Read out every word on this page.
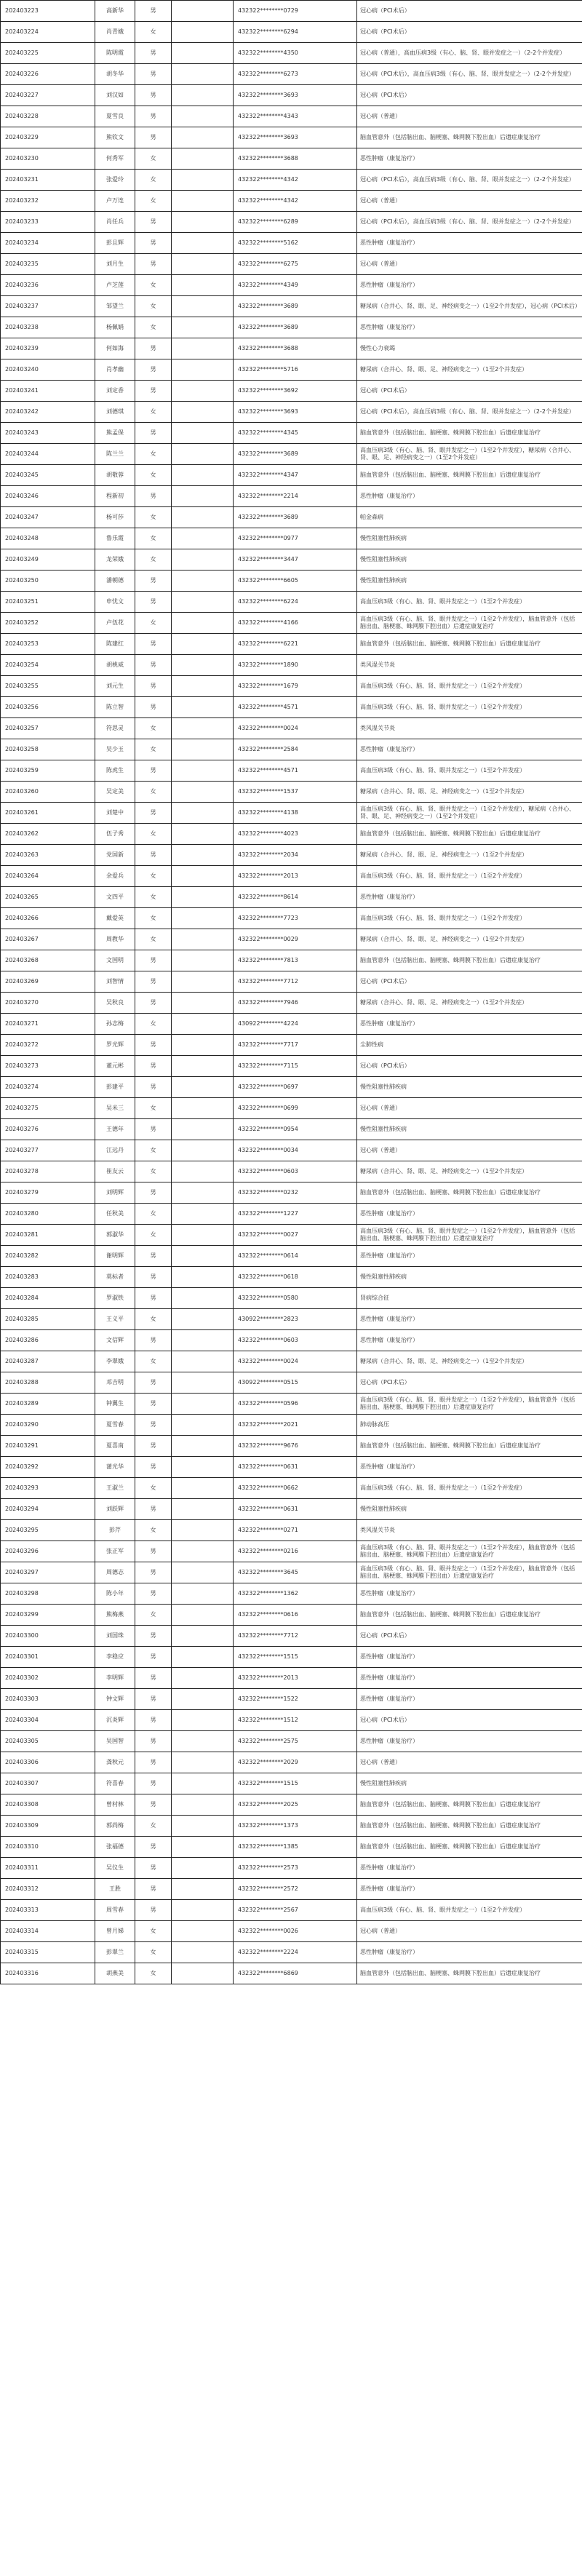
202403223	高新华	男		432322********0729	冠心病（PCI术后）
202403224	肖青娥	女		432322********6294	冠心病（PCI术后）
202403225	陈明霞	男		432322********4350	冠心病（普通），高血压病3级（有心、脑、肾、眼并发症之一）（2-2个并发症）
202403226	胡冬华	男		432322********6273	冠心病（PCI术后），高血压病3级（有心、脑、肾、眼并发症之一）（2-2个并发症）
202403227	刘汉如	男		432322********3693	冠心病（PCI术后）
202403228	夏雪良	男		432322********4343	冠心病（普通）
202403229	熊钦文	男		432322********3693	脑血管意外（包括脑出血、脑梗塞、蛛网膜下腔出血）后遗症康复治疗
202403230	何秀军	女		432322********3688	恶性肿瘤（康复治疗）
202403231	张爱玲	女		432322********4342	冠心病（PCI术后），高血压病3级（有心、脑、肾、眼并发症之一）（2-2个并发症）
202403232	卢万连	女		432322********4342	冠心病（普通）
202403233	肖任兵	男		432322********6289	冠心病（PCI术后），高血压病3级（有心、脑、肾、眼并发症之一）（2-2个并发症）
202403234	彭且辉	男		432322********5162	恶性肿瘤（康复治疗）
202403235	刘月生	男		432322********6275	冠心病（普通）
202403236	卢芝莲	女		432322********4349	恶性肿瘤（康复治疗）
202403237	邹望兰	女		432322********3689	糖尿病（合并心、肾、眼、足、神经病变之一）（1至2个并发症），冠心病（PCI术后）
202403238	杨佩娟	女		432322********3689	恶性肿瘤（康复治疗）
202403239	何如海	男		432322********3688	慢性心力衰竭
202403240	肖孝幽	男		432322********5716	糖尿病（合并心、肾、眼、足、神经病变之一）（1至2个并发症）
202403241	刘定香	男		432322********3692	冠心病（PCI术后）
202403242	刘德琪	女		432322********3693	冠心病（PCI术后），高血压病3级（有心、脑、肾、眼并发症之一）（2-2个并发症）
202403243	熊孟保	男		432322********4345	脑血管意外（包括脑出血、脑梗塞、蛛网膜下腔出血）后遗症康复治疗
202403244	陈兰兰	女		432322********3689	高血压病3级（有心、脑、肾、眼并发症之一）（1至2个并发症），糖尿病（合并心、肾、眼、足、神经病变之一）（1至2个并发症）
202403245	胡敬蓉	女		432322********4347	脑血管意外（包括脑出血、脑梗塞、蛛网膜下腔出血）后遗症康复治疗
202403246	程新初	男		432322********2214	恶性肿瘤（康复治疗）
202403247	杨可莎	女		432322********3689	帕金森病
202403248	鲁乐霞	女		432322********0977	慢性阻塞性肺疾病
202403249	龙荣娥	女		432322********3447	慢性阻塞性肺疾病
202403250	潘朝德	男		432322********6605	慢性阻塞性肺疾病
202403251	申忧文	男		432322********6224	高血压病3级（有心、脑、肾、眼并发症之一）（1至2个并发症）
202403252	卢伍花	女		432322********4166	高血压病3级（有心、脑、肾、眼并发症之一）（1至2个并发症），脑血管意外（包括脑出血、脑梗塞、蛛网膜下腔出血）后遗症康复治疗
202403253	陈建红	男		432322********6221	脑血管意外（包括脑出血、脑梗塞、蛛网膜下腔出血）后遗症康复治疗
202403254	胡桃威	男		432322********1890	类风湿关节炎
202403255	刘元生	男		432322********1679	高血压病3级（有心、脑、肾、眼并发症之一）（1至2个并发症）
202403256	陈立智	男		432322********4571	高血压病3级（有心、脑、肾、眼并发症之一）（1至2个并发症）
202403257	符思灵	女		432322********0024	类风湿关节炎
202403258	吴少玉	女		432322********2584	恶性肿瘤（康复治疗）
202403259	陈虎生	男		432322********4571	高血压病3级（有心、脑、肾、眼并发症之一）（1至2个并发症）
202403260	吴定美	女		432322********1537	糖尿病（合并心、肾、眼、足、神经病变之一）（1至2个并发症）
202403261	刘楚中	男		432322********4138	高血压病3级（有心、脑、肾、眼并发症之一）（1至2个并发症），糖尿病（合并心、肾、眼、足、神经病变之一）（1至2个并发症）
202403262	伍子秀	女		432322********4023	脑血管意外（包括脑出血、脑梗塞、蛛网膜下腔出血）后遗症康复治疗
202403263	党国新	男		432322********2034	糖尿病（合并心、肾、眼、足、神经病变之一）（1至2个并发症）
202403264	余爱兵	女		432322********2013	高血压病3级（有心、脑、肾、眼并发症之一）（1至2个并发症）
202403265	文四平	女		432322********8614	恶性肿瘤（康复治疗）
202403266	戴爱英	女		432322********7723	高血压病3级（有心、脑、肾、眼并发症之一）（1至2个并发症）
202403267	周教华	女		432322********0029	糖尿病（合并心、肾、眼、足、神经病变之一）（1至2个并发症）
202403268	文国明	男		432322********7813	脑血管意外（包括脑出血、脑梗塞、蛛网膜下腔出血）后遗症康复治疗
202403269	刘智情	男		432322********7712	冠心病（PCI术后）
202403270	吴秋良	男		432322********7946	糖尿病（合并心、肾、眼、足、神经病变之一）（1至2个并发症）
202403271	孙志梅	女		430922********4224	恶性肿瘤（康复治疗）
202403272	罗光辉	男		432322********7717	尘肺性病
202403273	董元彬	男		432322********7115	冠心病（PCI术后）
202403274	彭建平	男		432322********0697	慢性阻塞性肺疾病
202403275	吴米三	女		432322********0699	冠心病（普通）
202403276	王德年	男		432322********0954	慢性阻塞性肺疾病
202403277	江远丹	女		432322********0034	冠心病（普通）
202403278	崔友云	女		432322********0603	糖尿病（合并心、肾、眼、足、神经病变之一）（1至2个并发症）
202403279	刘明辉	男		432322********0232	脑血管意外（包括脑出血、脑梗塞、蛛网膜下腔出血）后遗症康复治疗
202403280	任秋美	女		432322********1227	恶性肿瘤（康复治疗）
202403281	郭淑华	女		432322********0027	高血压病3级（有心、脑、肾、眼并发症之一）（1至2个并发症），脑血管意外（包括脑出血、脑梗塞、蛛网膜下腔出血）后遗症康复治疗
202403282	谢明辉	男		432322********0614	恶性肿瘤（康复治疗）
202403283	莫标者	男		432322********0618	慢性阻塞性肺疾病
202403284	罗淑铁	男		432322********0580	肾病综合征
202403285	王义平	女		430922********2823	恶性肿瘤（康复治疗）
202403286	文信辉	男		432322********0603	恶性肿瘤（康复治疗）
202403287	李翠娥	女		432322********0024	糖尿病（合并心、肾、眼、足、神经病变之一）（1至2个并发症）
202403288	邓吉明	男		430922********0515	冠心病（PCI术后）
202403289	钟翼生	男		432322********0596	高血压病3级（有心、脑、肾、眼并发症之一）（1至2个并发症），脑血管意外（包括脑出血、脑梗塞、蛛网膜下腔出血）后遗症康复治疗
202403290	夏雪春	男		432322********2021	肺动脉高压
202403291	夏喜南	男		432322********9676	脑血管意外（包括脑出血、脑梗塞、蛛网膜下腔出血）后遗症康复治疗
202403292	蒲光华	男		432322********0631	恶性肿瘤（康复治疗）
202403293	王淑兰	女		432322********0662	高血压病3级（有心、脑、肾、眼并发症之一）（1至2个并发症）
202403294	刘跃辉	男		432322********0631	慢性阻塞性肺疾病
202403295	彭芹	女		432322********0271	类风湿关节炎
202403296	张正军	男		432322********0216	高血压病3级（有心、脑、肾、眼并发症之一）（1至2个并发症），脑血管意外（包括脑出血、脑梗塞、蛛网膜下腔出血）后遗症康复治疗
202403297	周德志	男		432322********3645	高血压病3级（有心、脑、肾、眼并发症之一）（1至2个并发症），脑血管意外（包括脑出血、脑梗塞、蛛网膜下腔出血）后遗症康复治疗
202403298	陈小年	男		432322********1362	恶性肿瘤（康复治疗）
202403299	熊梅燕	女		432322********0616	脑血管意外（包括脑出血、脑梗塞、蛛网膜下腔出血）后遗症康复治疗
202403300	刘国珠	男		432322********7712	冠心病（PCI术后）
202403301	李稳应	男		432322********1515	恶性肿瘤（康复治疗）
202403302	李明辉	男		432322********2013	恶性肿瘤（康复治疗）
202403303	钟文辉	男		432322********1522	恶性肿瘤（康复治疗）
202403304	沉炎辉	男		432322********1512	冠心病（PCI术后）
202403305	吴国智	男		432322********2575	恶性肿瘤（康复治疗）
202403306	龚秋元	男		432322********2029	冠心病（普通）
202403307	符喜春	男		432322********1515	慢性阻塞性肺疾病
202403308	曾村林	男		432322********2025	脑血管意外（包括脑出血、脑梗塞、蛛网膜下腔出血）后遗症康复治疗
202403309	郭尚梅	女		432322********1373	脑血管意外（包括脑出血、脑梗塞、蛛网膜下腔出血）后遗症康复治疗
202403310	张福德	男		432322********1385	脑血管意外（包括脑出血、脑梗塞、蛛网膜下腔出血）后遗症康复治疗
202403311	吴仪生	男		432322********2573	恶性肿瘤（康复治疗）
202403312	王胜	男		432322********2572	恶性肿瘤（康复治疗）
202403313	周雪春	男		432322********2567	高血压病3级（有心、脑、肾、眼并发症之一）（1至2个并发症）
202403314	曾月娣	女		432322********0026	冠心病（普通）
202403315	彭翠兰	女		432322********2224	恶性肿瘤（康复治疗）
202403316	胡燕美	女		432322********6869	脑血管意外（包括脑出血、脑梗塞、蛛网膜下腔出血）后遗症康复治疗
